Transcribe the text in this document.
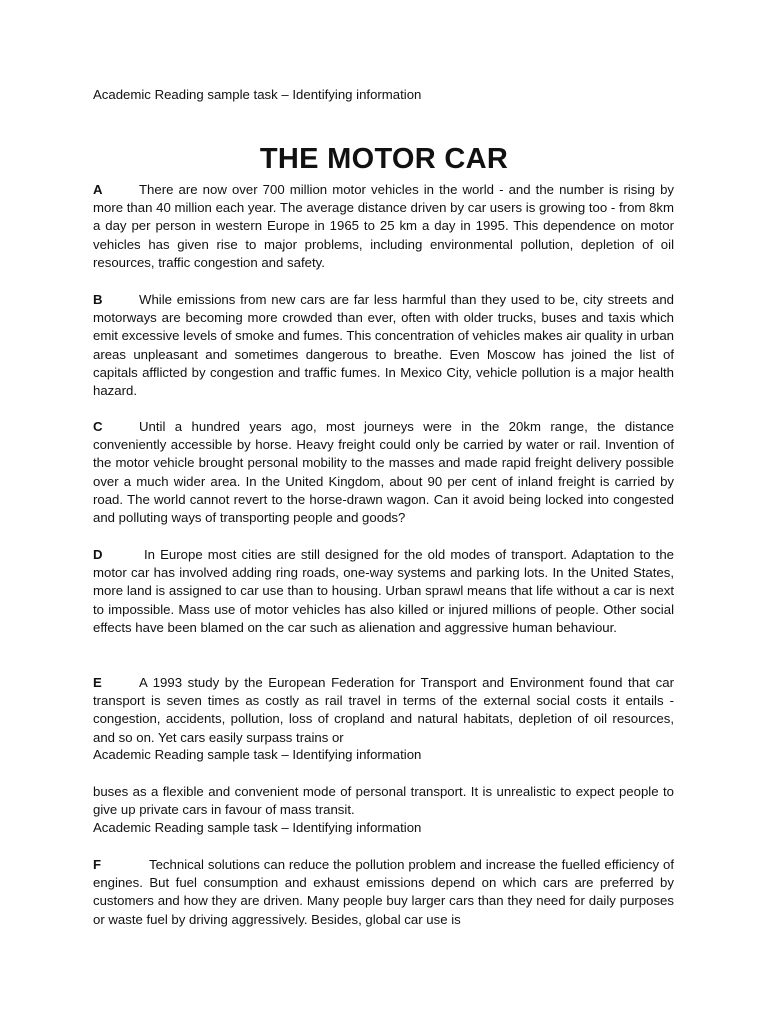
Academic Reading sample task – Identifying information
THE MOTOR CAR
A	There are now over 700 million motor vehicles in the world - and the number is rising by more than 40 million each year. The average distance driven by car users is growing too - from 8km a day per person in western Europe in 1965 to 25 km a day in 1995. This dependence on motor vehicles has given rise to major problems, including environmental pollution, depletion of oil resources, traffic congestion and safety.
B	While emissions from new cars are far less harmful than they used to be, city streets and motorways are becoming more crowded than ever, often with older trucks, buses and taxis which emit excessive levels of smoke and fumes. This concentration of vehicles makes air quality in urban areas unpleasant and sometimes dangerous to breathe. Even Moscow has joined the list of capitals afflicted by congestion and traffic fumes. In Mexico City, vehicle pollution is a major health hazard.
C	Until a hundred years ago, most journeys were in the 20km range, the distance conveniently accessible by horse. Heavy freight could only be carried by water or rail. Invention of the motor vehicle brought personal mobility to the masses and made rapid freight delivery possible over a much wider area. In the United Kingdom, about 90 per cent of inland freight is carried by road. The world cannot revert to the horse-drawn wagon. Can it avoid being locked into congested and polluting ways of transporting people and goods?
D	In Europe most cities are still designed for the old modes of transport. Adaptation to the motor car has involved adding ring roads, one-way systems and parking lots. In the United States, more land is assigned to car use than to housing. Urban sprawl means that life without a car is next to impossible. Mass use of motor vehicles has also killed or injured millions of people. Other social effects have been blamed on the car such as alienation and aggressive human behaviour.
E	A 1993 study by the European Federation for Transport and Environment found that car transport is seven times as costly as rail travel in terms of the external social costs it entails - congestion, accidents, pollution, loss of cropland and natural habitats, depletion of oil resources, and so on. Yet cars easily surpass trains or
Academic Reading sample task – Identifying information
buses as a flexible and convenient mode of personal transport. It is unrealistic to expect people to give up private cars in favour of mass transit.
Academic Reading sample task – Identifying information
F	Technical solutions can reduce the pollution problem and increase the fuelled efficiency of engines. But fuel consumption and exhaust emissions depend on which cars are preferred by customers and how they are driven. Many people buy larger cars than they need for daily purposes or waste fuel by driving aggressively. Besides, global car use is
